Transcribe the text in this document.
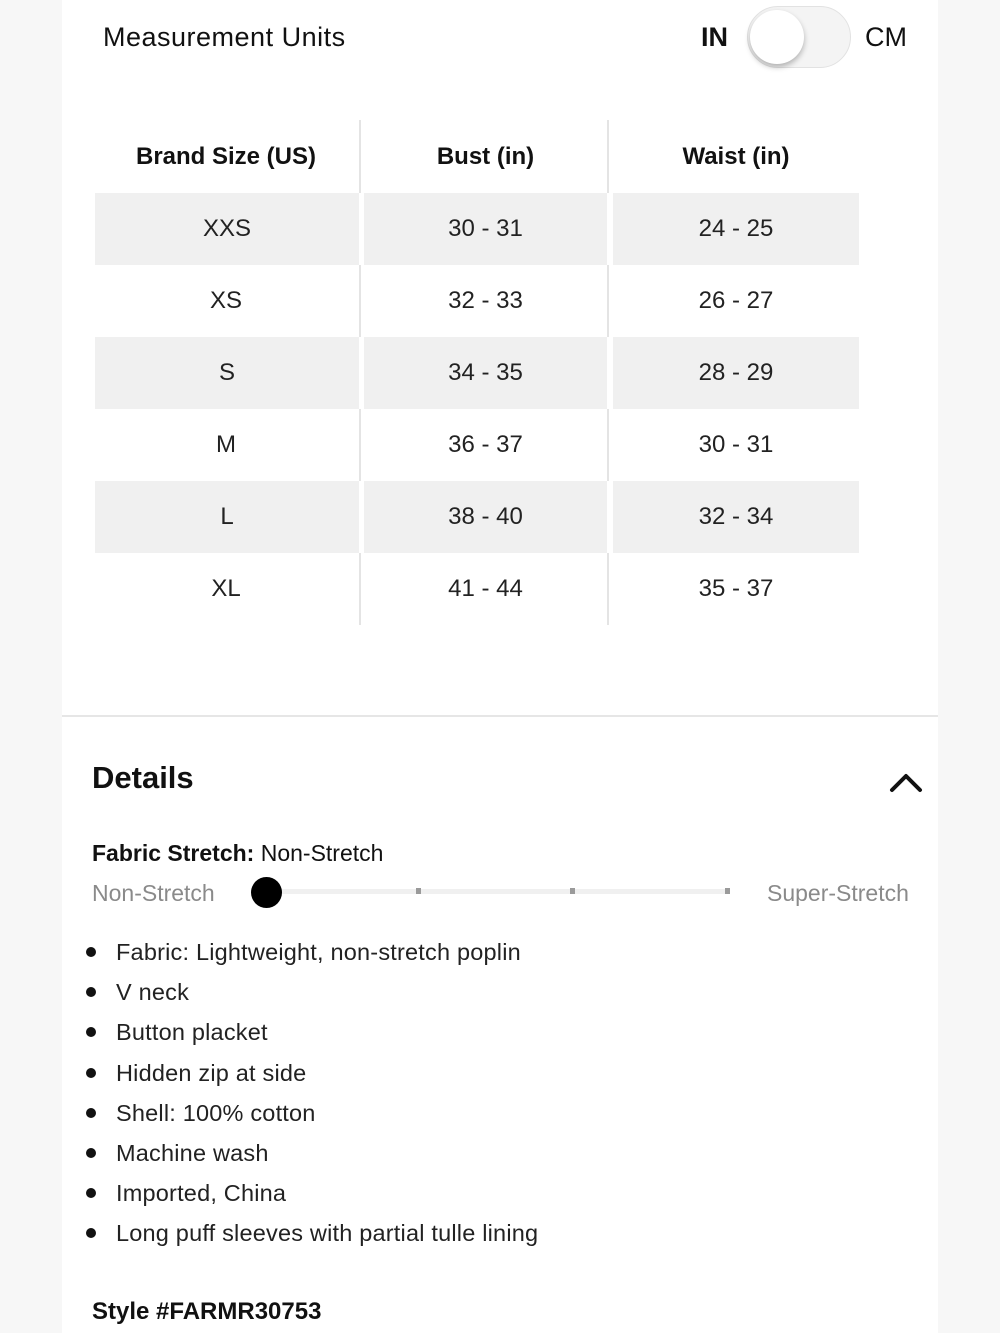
Measurement Units	IN	CM
Brand Size (US)	Bust (in)	Waist (in)
XXS	30 - 31	24 - 25
XS	32 - 33	26 - 27
S	34 - 35	28 - 29
M	36 - 37	30 - 31
L	38 - 40	32 - 34
XL	41 - 44	35 - 37
Details
Fabric Stretch: Non-Stretch
Non-Stretch	Super-Stretch
Fabric: Lightweight, non-stretch poplin
V neck
Button placket
Hidden zip at side
Shell: 100% cotton
Machine wash
Imported, China
Long puff sleeves with partial tulle lining
Style #FARMR30753
